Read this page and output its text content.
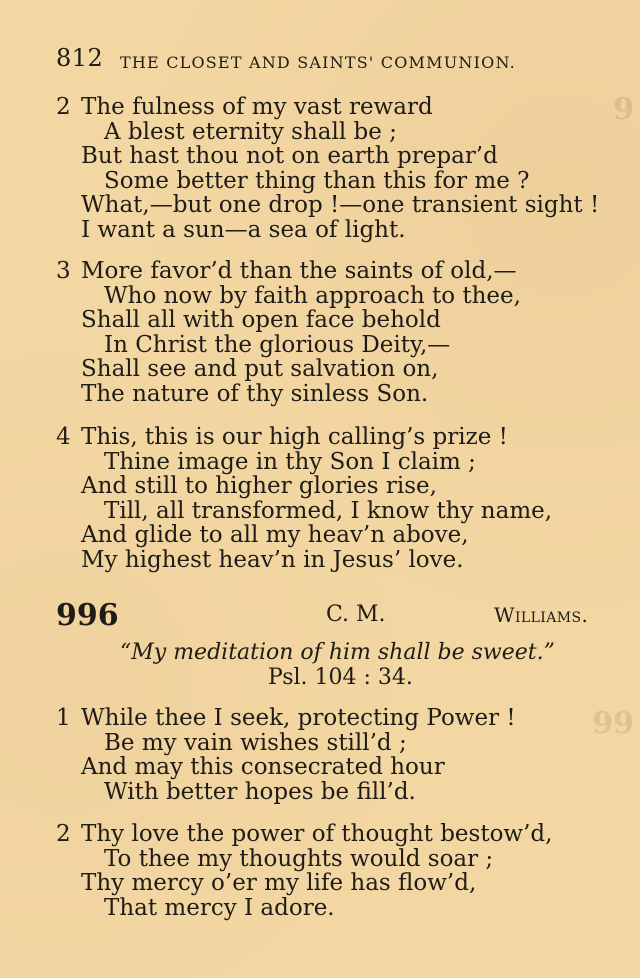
9
99
812 THE CLOSET AND SAINTS' COMMUNION.
2 The fulness of my vast reward
A blest eternity shall be ;
But hast thou not on earth prepar’d
Some better thing than this for me ?
What,—but one drop !—one transient sight !
I want a sun—a sea of light.
3 More favor’d than the saints of old,—
Who now by faith approach to thee,
Shall all with open face behold
In Christ the glorious Deity,—
Shall see and put salvation on,
The nature of thy sinless Son.
4 This, this is our high calling’s prize !
Thine image in thy Son I claim ;
And still to higher glories rise,
Till, all transformed, I know thy name,
And glide to all my heav’n above,
My highest heav’n in Jesus’ love.
996	C. M.	Williams.
“My meditation of him shall be sweet.”
Psl. 104 : 34.
1 While thee I seek, protecting Power !
Be my vain wishes still’d ;
And may this consecrated hour
With better hopes be fill’d.
2 Thy love the power of thought bestow’d,
To thee my thoughts would soar ;
Thy mercy o’er my life has flow’d,
That mercy I adore.
